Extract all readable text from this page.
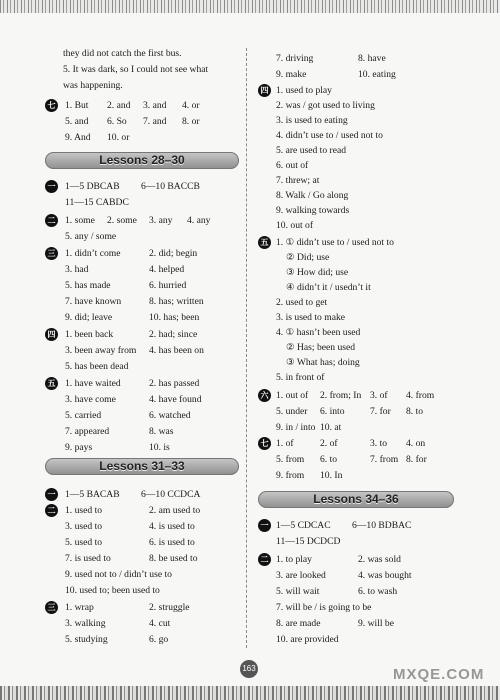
they did not catch the first bus.
5. It was dark, so I could not see what
was happening.
七 1. But 2. and 3. and 4. or
5. and 6. So 7. and 8. or
9. And 10. or
Lessons 28–30
一 1—5 DBCAB 6—10 BACCB
11—15 CABDC
二 1. some 2. some 3. any 4. any
5. any / some
三 1. didn’t come	2. did; begin
3. had	4. helped
5. has made	6. hurried
7. have known	8. has; written
9. did; leave	10. has; been
四 1. been back	2. had; since
3. been away from 4. has been on
5. has been dead
五 1. have waited	2. has passed
3. have come	4. have found
5. carried	6. watched
7. appeared	8. was
9. pays	10. is
Lessons 31–33
一 1—5 BACAB 6—10 CCDCA
二 1. used to	2. am used to
3. used to	4. is used to
5. used to	6. is used to
7. is used to	8. be used to
9. used not to / didn’t use to
10. used to; been used to
三 1. wrap	2. struggle
3. walking	4. cut
5. studying	6. go
7. driving	8. have
9. make	10. eating
四 1. used to play
2. was / got used to living
3. is used to eating
4. didn’t use to / used not to
5. are used to read
6. out of
7. threw; at
8. Walk / Go along
9. walking towards
10. out of
五 1. ① didn’t use to / used not to
② Did; use
③ How did; use
④ didn’t it / usedn’t it
2. used to get
3. is used to make
4. ① hasn’t been used
② Has; been used
③ What has; doing
5. in front of
六 1. out of 2. from; In 3. of 4. from
5. under 6. into	7. for 8. to
9. in / into 10. at
七 1. of	2. of	3. to 4. on
5. from 6. to	7. from 8. for
9. from 10. In
Lessons 34–36
一 1—5 CDCAC 6—10 BDBAC
11—15 DCDCD
二 1. to play	2. was sold
3. are looked	4. was bought
5. will wait	6. to wash
7. will be / is going to be
8. are made	9. will be
10. are provided
163	MXQE.COM
